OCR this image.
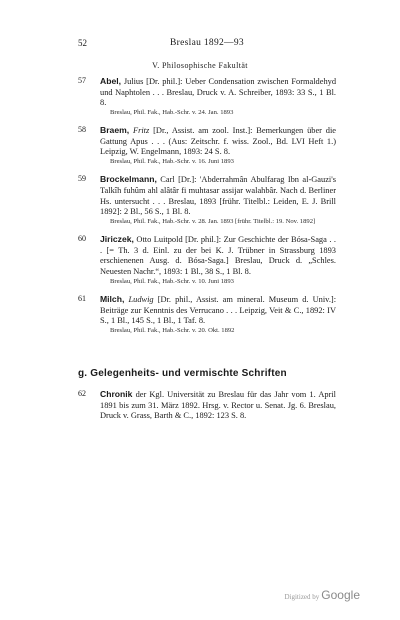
52	Breslau 1892—93
V. Philosophische Fakultät
57 Abel, Julius [Dr. phil.]: Ueber Condensation zwischen Formaldehyd und Naphtolen . . . Breslau, Druck v. A. Schreiber, 1893: 33 S., 1 Bl. 8.
Breslau, Phil. Fak., Hab.-Schr. v. 24. Jan. 1893
58 Braem, Fritz [Dr., Assist. am zool. Inst.]: Bemerkungen über die Gattung Apus . . . (Aus: Zeitschr. f. wiss. Zool., Bd. LVI Heft 1.) Leipzig, W. Engelmann, 1893: 24 S. 8.
Breslau, Phil. Fak., Hab.-Schr. v. 16. Juni 1893
59 Brockelmann, Carl [Dr.]: 'Abderrahmân Abulfarag Ibn al-Gauzi's Talkîh fuhûm ahl alâtâr fi muhtasar assijar walahbâr. Nach d. Berliner Hs. untersucht . . . Breslau, 1893 [frühr. Titelbl.: Leiden, E. J. Brill 1892]: 2 Bl., 56 S., 1 Bl. 8.
Breslau, Phil. Fak., Hab.-Schr. v. 28. Jan. 1893 [frühr. Titelbl.: 19. Nov. 1892]
60 Jiriczek, Otto Luitpold [Dr. phil.]: Zur Geschichte der Bósa-Saga . . . [= Th. 3 d. Einl. zu der bei K. J. Trübner in Strassburg 1893 erschienenen Ausg. d. Bósa-Saga.] Breslau, Druck d. „Schles. Neuesten Nachr.“, 1893: 1 Bl., 38 S., 1 Bl. 8.
Breslau, Phil. Fak., Hab.-Schr. v. 10. Juni 1893
61 Milch, Ludwig [Dr. phil., Assist. am mineral. Museum d. Univ.]: Beiträge zur Kenntnis des Verrucano . . . Leipzig, Veit & C., 1892: IV S., 1 Bl., 145 S., 1 Bl., 1 Taf. 8.
Breslau, Phil. Fak., Hab.-Schr. v. 20. Okt. 1892
g. Gelegenheits- und vermischte Schriften
62 Chronik der Kgl. Universität zu Breslau für das Jahr vom 1. April 1891 bis zum 31. März 1892. Hrsg. v. Rector u. Senat. Jg. 6. Breslau, Druck v. Grass, Barth & C., 1892: 123 S. 8.
Digitized by Google
